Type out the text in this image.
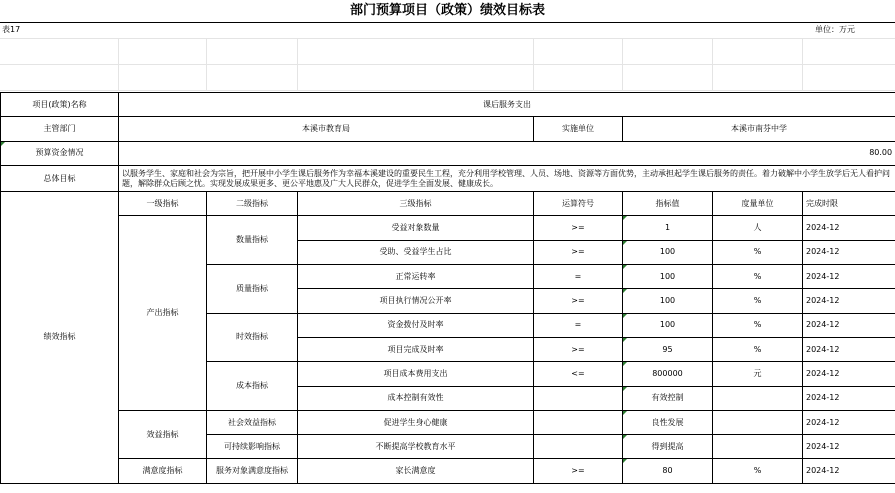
部门预算项目（政策）绩效目标表
表17	单位：万元
项目(政策)名称	课后服务支出						
主管部门	本溪市教育局			实施单位	本溪市南芬中学		
预算资金情况	80.00						
总体目标	以服务学生、家庭和社会为宗旨，把开展中小学生课后服务作为幸福本溪建设的重要民生工程，充分利用学校管理、人员、场地、资源等方面优势，主动承担起学生课后服务的责任。着力破解中小学生放学后无人看护问题，解除群众后顾之忧。实现发展成果更多、更公平地惠及广大人民群众，促进学生全面发展、健康成长。						
绩效指标	一级指标	二级指标	三级指标	运算符号	指标值	度量单位	完成时限
	产出指标	数量指标	受益对象数量	>=	1	人	2024-12
			受助、受益学生占比	>=	100	%	2024-12
		质量指标	正常运转率	=	100	%	2024-12
			项目执行情况公开率	>=	100	%	2024-12
		时效指标	资金拨付及时率	=	100	%	2024-12
			项目完成及时率	>=	95	%	2024-12
		成本指标	项目成本费用支出	<=	800000	元	2024-12
			成本控制有效性		有效控制		2024-12
	效益指标	社会效益指标	促进学生身心健康		良性发展		2024-12
		可持续影响指标	不断提高学校教育水平		得到提高		2024-12
	满意度指标	服务对象满意度指标	家长满意度	>=	80	%	2024-12
